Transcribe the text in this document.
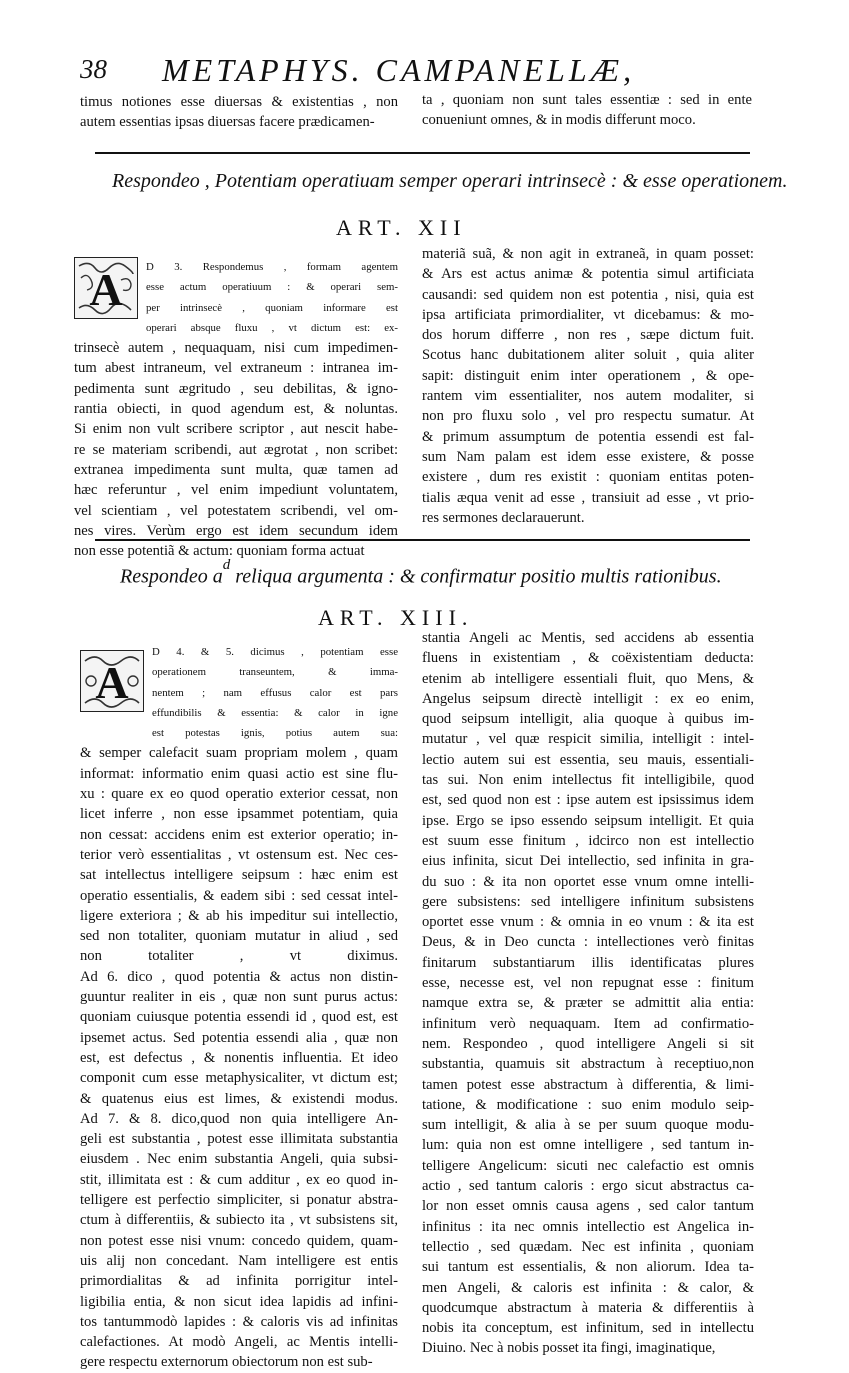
38 METAPHYS. CAMPANELLÆ,
timus notiones esse diuersas & existentias , non
autem essentias ipsas diuersas facere prædicamen-
ta , quoniam non sunt tales essentiæ : sed in ente
conueniunt omnes, & in modis differunt moco.
Respondeo , Potentiam operatiuam semper operari intrinsecè : & esse operationem.
ART. XII
A	D 3. Respondemus , formam agentem
esse actum operatiuum : & operari sem-
per intrinsecè , quoniam informare est
operari absque fluxu , vt dictum est: ex-
trinsecè autem , nequaquam, nisi cum impedimen-
tum abest intraneum, vel extraneum : intranea im-
pedimenta sunt ægritudo , seu debilitas, & igno-
rantia obiecti, in quod agendum est, & noluntas.
Si enim non vult scribere scriptor , aut nescit habe-
re se materiam scribendi, aut ægrotat , non scribet:
extranea impedimenta sunt multa, quæ tamen ad
hæc referuntur , vel enim impediunt voluntatem,
vel scientiam , vel potestatem scribendi, vel om-
nes vires. Verùm ergo est idem secundum idem
non esse potentiã & actum: quoniam forma actuat
materiã suã, & non agit in extraneã, in quam posset:
& Ars est actus animæ & potentia simul artificiata
causandi: sed quidem non est potentia , nisi, quia est
ipsa artificiata primordialiter, vt dicebamus: & mo-
dos horum differre , non res , sæpe dictum fuit.
Scotus hanc dubitationem aliter soluit , quia aliter
sapit: distinguit enim inter operationem , & ope-
rantem vim essentialiter, nos autem modaliter, si
non pro fluxu solo , vel pro respectu sumatur. At
& primum assumptum de potentia essendi est fal-
sum Nam palam est idem esse existere, & posse
existere , dum res existit : quoniam entitas poten-
tialis æqua venit ad esse , transiuit ad esse , vt prio-
res sermones declarauerunt.
Respondeo $a^d$ reliqua argumenta : & confirmatur positio multis rationibus.
ART. XIII.
A
D 4. & 5. dicimus , potentiam esse
operationem transeuntem, & imma-
nentem ; nam effusus calor est pars
effundibilis & essentia: & calor in igne
est potestas ignis, potius autem sua:
& semper calefacit suam propriam molem , quam
informat: informatio enim quasi actio est sine flu-
xu : quare ex eo quod operatio exterior cessat, non
licet inferre , non esse ipsammet potentiam, quia
non cessat: accidens enim est exterior operatio; in-
terior verò essentialitas , vt ostensum est. Nec ces-
sat intellectus intelligere seipsum : hæc enim est
operatio essentialis, & eadem sibi : sed cessat intel-
ligere exteriora ; & ab his impeditur sui intellectio,
sed non totaliter, quoniam mutatur in aliud , sed
non totaliter , vt diximus.
Ad 6. dico , quod potentia & actus non distin-
guuntur realiter in eis , quæ non sunt purus actus:
quoniam cuiusque potentia essendi id , quod est, est
ipsemet actus. Sed potentia essendi alia , quæ non
est, est defectus , & nonentis influentia. Et ideo
componit cum esse metaphysicaliter, vt dictum est;
& quatenus eius est limes, & existendi modus.
Ad 7. & 8. dico,quod non quia intelligere An-
geli est substantia , potest esse illimitata substantia
eiusdem . Nec enim substantia Angeli, quia subsi-
stit, illimitata est : & cum additur , ex eo quod in-
telligere est perfectio simpliciter, si ponatur abstra-
ctum à differentiis, & subiecto ita , vt subsistens sit,
non potest esse nisi vnum: concedo quidem, quam-
uis alij non concedant. Nam intelligere est entis
primordialitas & ad infinita porrigitur intel-
ligibilia entia, & non sicut idea lapidis ad infini-
tos tantummodò lapides : & caloris vis ad infinitas
calefactiones. At modò Angeli, ac Mentis intelli-
gere respectu externorum obiectorum non est sub-
stantia Angeli ac Mentis, sed accidens ab essentia
fluens in existentiam , & coëxistentiam deducta:
etenim ab intelligere essentiali fluit, quo Mens, &
Angelus seipsum directè intelligit : ex eo enim,
quod seipsum intelligit, alia quoque à quibus im-
mutatur , vel quæ respicit similia, intelligit : intel-
lectio autem sui est essentia, seu mauis, essentiali-
tas sui. Non enim intellectus fit intelligibile, quod
est, sed quod non est : ipse autem est ipsissimus idem
ipse. Ergo se ipso essendo seipsum intelligit. Et quia
est suum esse finitum , idcirco non est intellectio
eius infinita, sicut Dei intellectio, sed infinita in gra-
du suo : & ita non oportet esse vnum omne intelli-
gere subsistens: sed intelligere infinitum subsistens
oportet esse vnum : & omnia in eo vnum : & ita est
Deus, & in Deo cuncta : intellectiones verò finitas
finitarum substantiarum illis identificatas plures
esse, necesse est, vel non repugnat esse : finitum
namque extra se, & præter se admittit alia entia:
infinitum verò nequaquam. Item ad confirmatio-
nem. Respondeo , quod intelligere Angeli si sit
substantia, quamuis sit abstractum à receptiuo,non
tamen potest esse abstractum à differentia, & limi-
tatione, & modificatione : suo enim modulo seip-
sum intelligit, & alia à se per suum quoque modu-
lum: quia non est omne intelligere , sed tantum in-
telligere Angelicum: sicuti nec calefactio est omnis
actio , sed tantum caloris : ergo sicut abstractus ca-
lor non esset omnis causa agens , sed calor tantum
infinitus : ita nec omnis intellectio est Angelica in-
tellectio , sed quædam. Nec est infinita , quoniam
sui tantum est essentialis, & non aliorum. Idea ta-
men Angeli, & caloris est infinita : & calor, &
quodcumque abstractum à materia & differentiis à
nobis ita conceptum, est infinitum, sed in intellectu
Diuino. Nec à nobis posset ita fingi, imaginatique,
